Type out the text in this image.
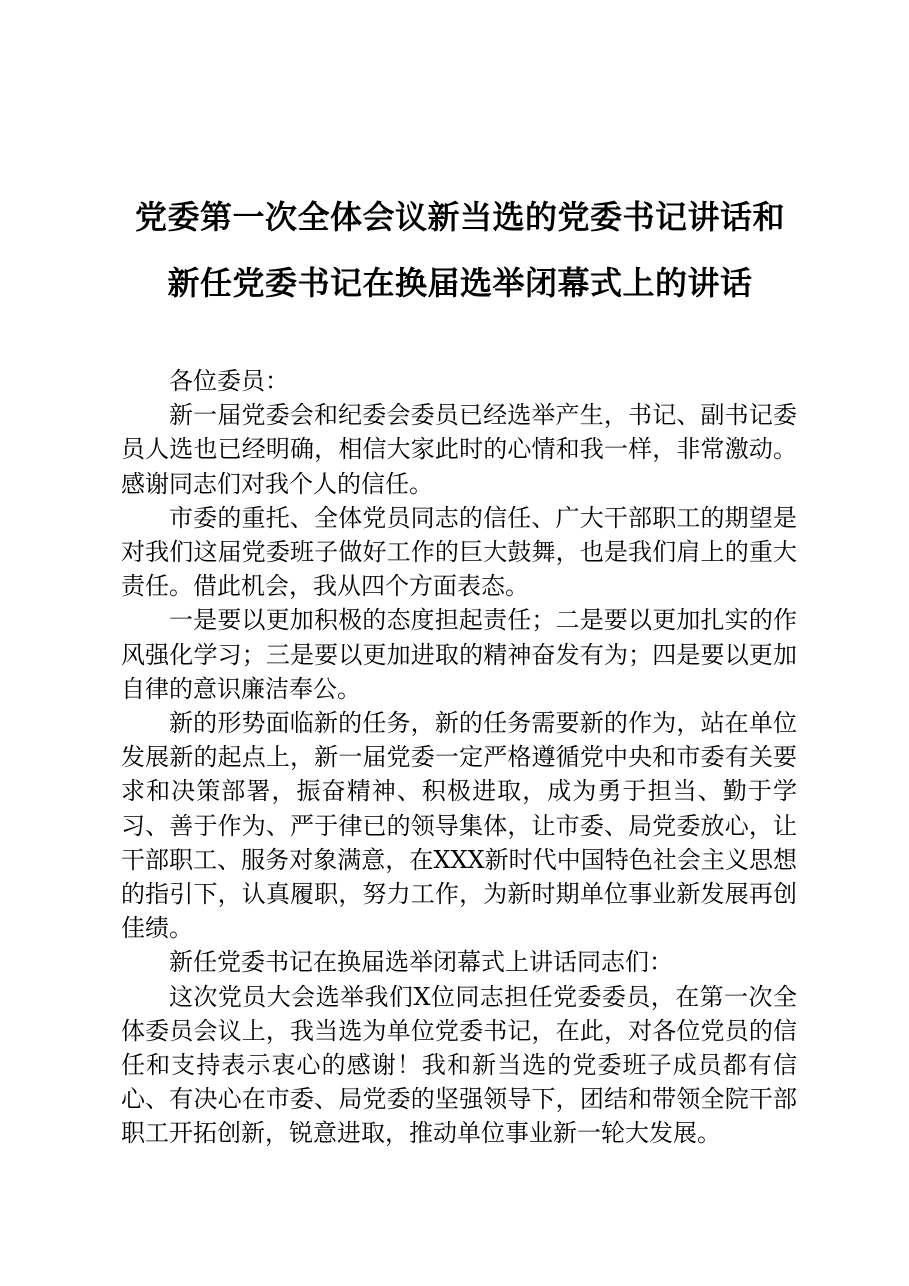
党委第一次全体会议新当选的党委书记讲话和
新任党委书记在换届选举闭幕式上的讲话

各位委员：

新一届党委会和纪委会委员已经选举产生，书记、副书记委员人选也已经明确，相信大家此时的心情和我一样，非常激动。感谢同志们对我个人的信任。

市委的重托、全体党员同志的信任、广大干部职工的期望是对我们这届党委班子做好工作的巨大鼓舞，也是我们肩上的重大责任。借此机会，我从四个方面表态。

一是要以更加积极的态度担起责任；二是要以更加扎实的作风强化学习；三是要以更加进取的精神奋发有为；四是要以更加自律的意识廉洁奉公。

新的形势面临新的任务，新的任务需要新的作为，站在单位发展新的起点上，新一届党委一定严格遵循党中央和市委有关要求和决策部署，振奋精神、积极进取，成为勇于担当、勤于学习、善于作为、严于律已的领导集体，让市委、局党委放心，让干部职工、服务对象满意，在XXX新时代中国特色社会主义思想的指引下，认真履职，努力工作，为新时期单位事业新发展再创佳绩。

新任党委书记在换届选举闭幕式上讲话同志们：

这次党员大会选举我们X位同志担任党委委员，在第一次全体委员会议上，我当选为单位党委书记，在此，对各位党员的信任和支持表示衷心的感谢！我和新当选的党委班子成员都有信心、有决心在市委、局党委的坚强领导下，团结和带领全院干部职工开拓创新，锐意进取，推动单位事业新一轮大发展。
